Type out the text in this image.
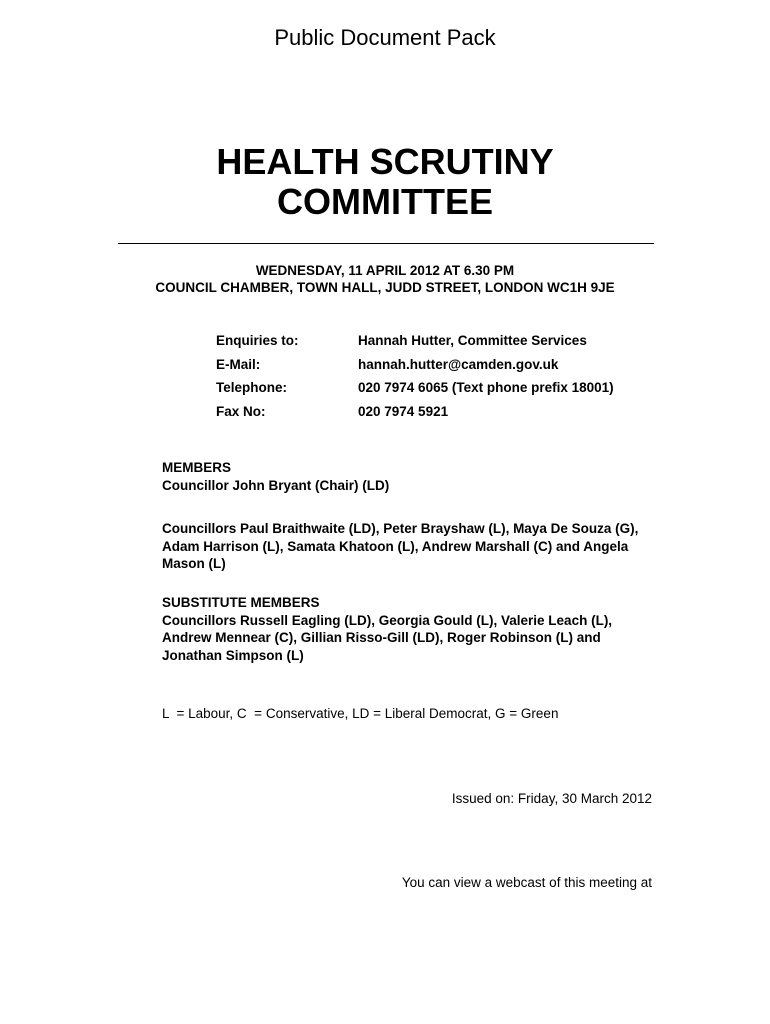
Public Document Pack
HEALTH SCRUTINY
COMMITTEE
WEDNESDAY, 11 APRIL 2012 AT 6.30 PM
COUNCIL CHAMBER, TOWN HALL, JUDD STREET, LONDON WC1H 9JE
Enquiries to:	Hannah Hutter, Committee Services
E-Mail:	hannah.hutter@camden.gov.uk
Telephone:	020 7974 6065 (Text phone prefix 18001)
Fax No:	020 7974 5921

MEMBERS

Councillor John Bryant (Chair) (LD)

Councillors Paul Braithwaite (LD), Peter Brayshaw (L), Maya De Souza (G), Adam Harrison (L), Samata Khatoon (L), Andrew Marshall (C) and Angela Mason (L)

SUBSTITUTE MEMBERS

Councillors Russell Eagling (LD), Georgia Gould (L), Valerie Leach (L), Andrew Mennear (C), Gillian Risso-Gill (LD), Roger Robinson (L) and Jonathan Simpson (L)

L  = Labour, C  = Conservative, LD = Liberal Democrat, G = Green
Issued on: Friday, 30 March 2012
You can view a webcast of this meeting at
